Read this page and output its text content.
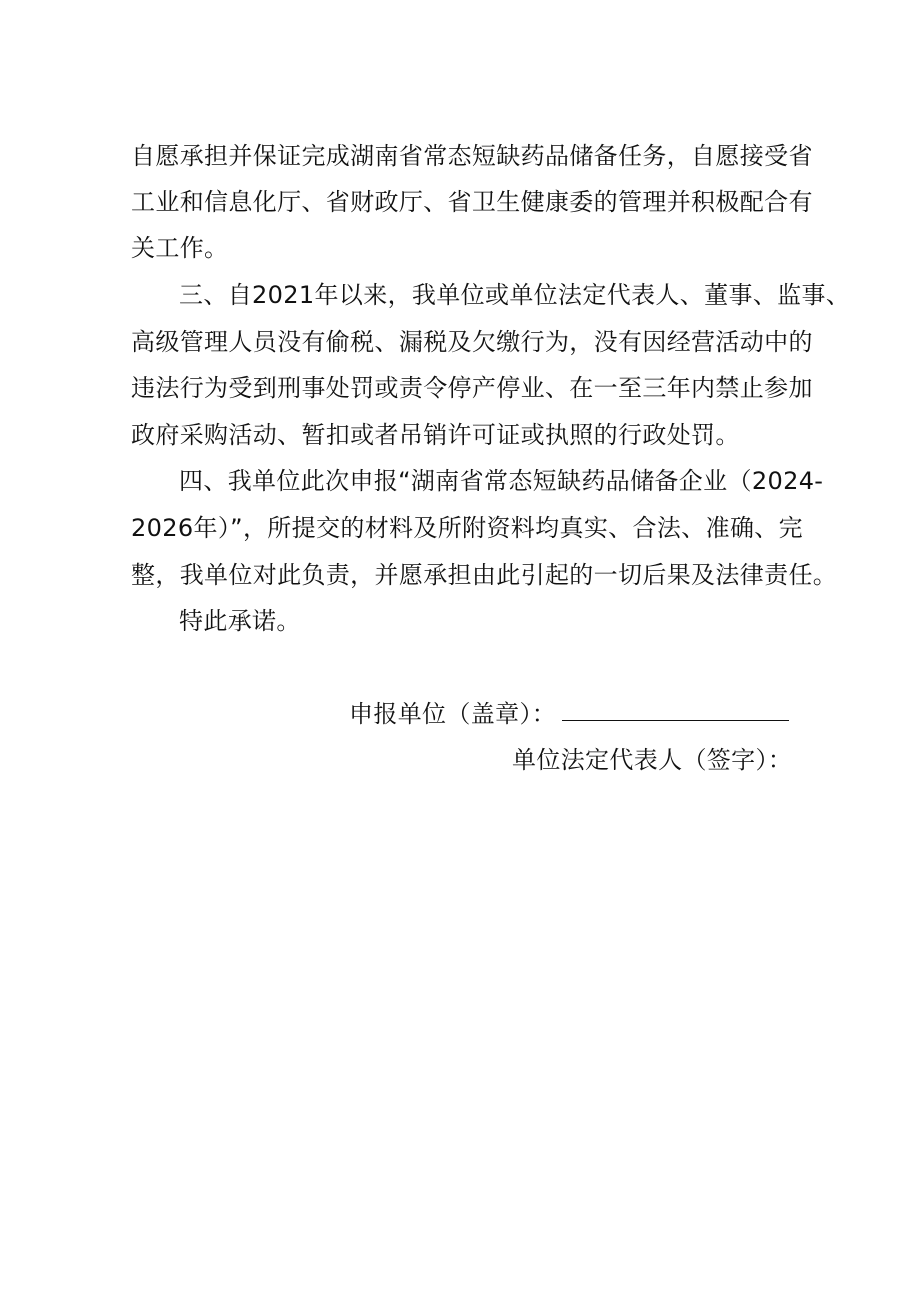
自愿承担并保证完成湖南省常态短缺药品储备任务，自愿接受省
工业和信息化厅、省财政厅、省卫生健康委的管理并积极配合有
关工作。
三、自2021年以来，我单位或单位法定代表人、董事、监事、
高级管理人员没有偷税、漏税及欠缴行为，没有因经营活动中的
违法行为受到刑事处罚或责令停产停业、在一至三年内禁止参加
政府采购活动、暂扣或者吊销许可证或执照的行政处罚。
四、我单位此次申报“湖南省常态短缺药品储备企业（2024-
2026年）”，所提交的材料及所附资料均真实、合法、准确、完
整，我单位对此负责，并愿承担由此引起的一切后果及法律责任。
特此承诺。
申报单位（盖章）：
单位法定代表人（签字）：
